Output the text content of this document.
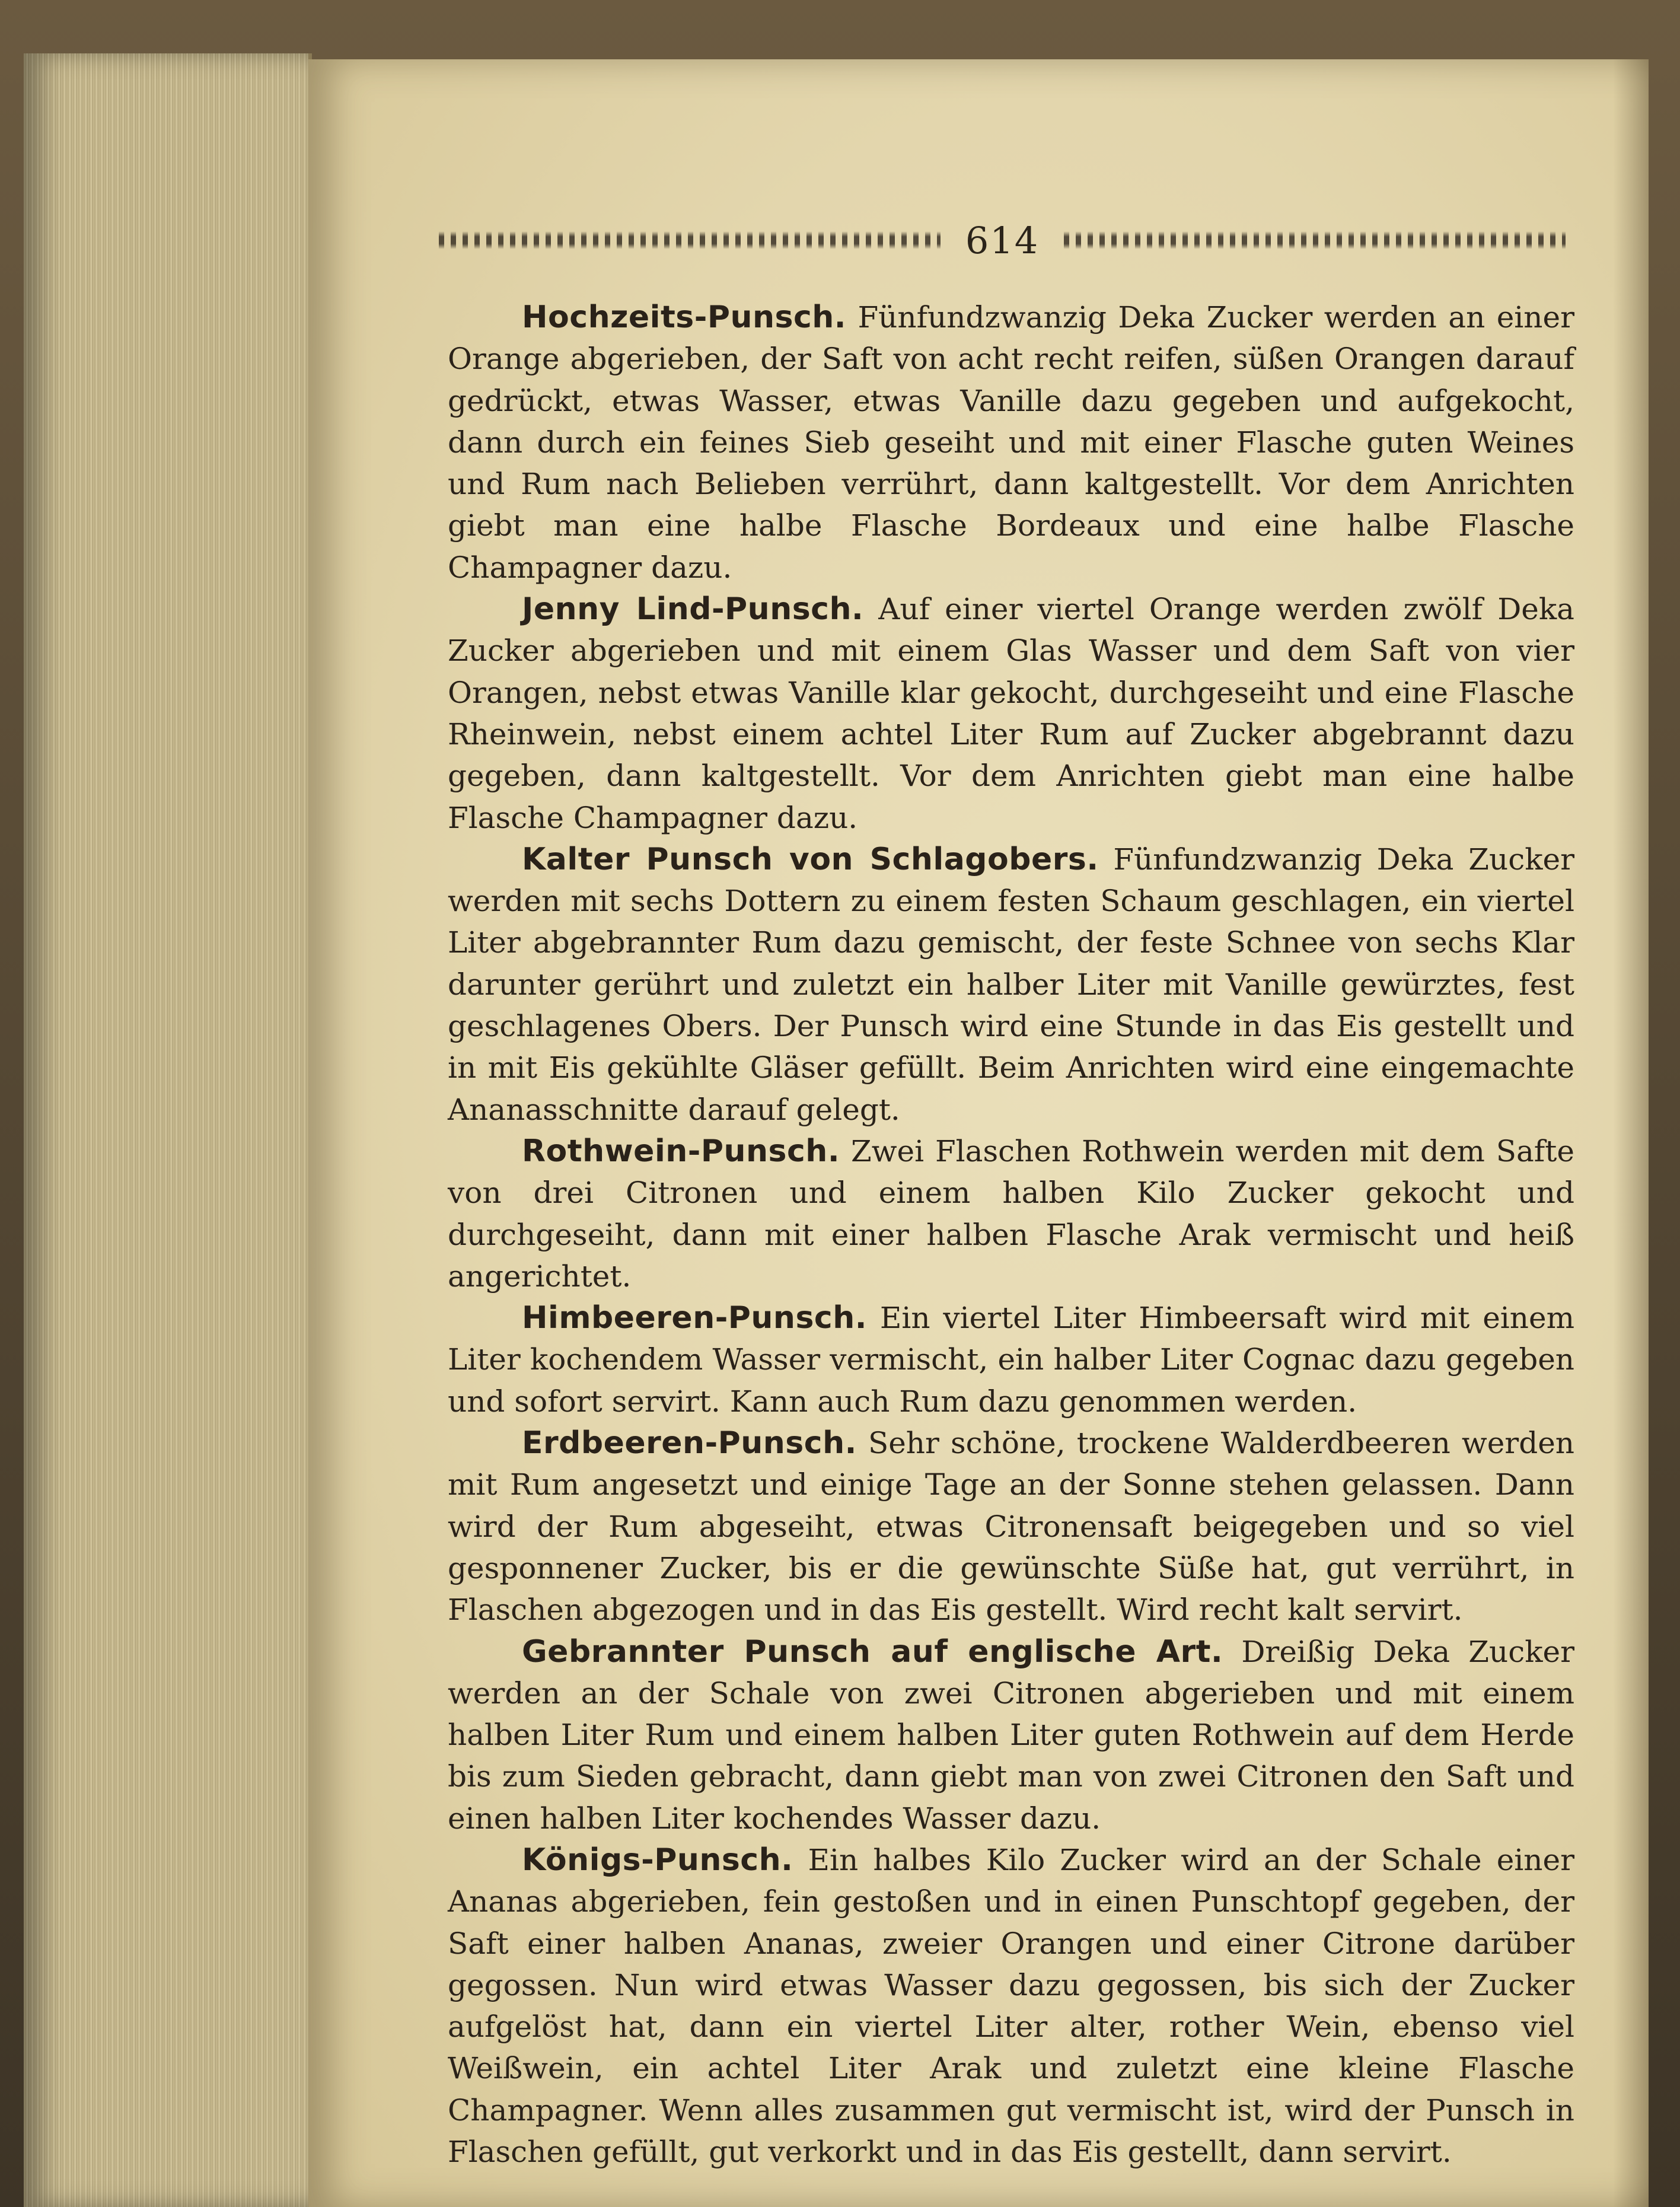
614

Hochzeits-Punsch. Fünfundzwanzig Deka Zucker werden an einer Orange abgerieben, der Saft von acht recht reifen, süßen Orangen darauf gedrückt, etwas Wasser, etwas Vanille dazu gegeben und aufgekocht, dann durch ein feines Sieb geseiht und mit einer Flasche guten Weines und Rum nach Belieben verrührt, dann kaltgestellt. Vor dem Anrichten giebt man eine halbe Flasche Bordeaux und eine halbe Flasche Champagner dazu.

Jenny Lind-Punsch. Auf einer viertel Orange werden zwölf Deka Zucker abgerieben und mit einem Glas Wasser und dem Saft von vier Orangen, nebst etwas Vanille klar gekocht, durchgeseiht und eine Flasche Rheinwein, nebst einem achtel Liter Rum auf Zucker abgebrannt dazu gegeben, dann kaltgestellt. Vor dem Anrichten giebt man eine halbe Flasche Champagner dazu.

Kalter Punsch von Schlagobers. Fünfundzwanzig Deka Zucker werden mit sechs Dottern zu einem festen Schaum geschlagen, ein viertel Liter abgebrannter Rum dazu gemischt, der feste Schnee von sechs Klar darunter gerührt und zuletzt ein halber Liter mit Vanille gewürztes, fest geschlagenes Obers. Der Punsch wird eine Stunde in das Eis gestellt und in mit Eis gekühlte Gläser gefüllt. Beim Anrichten wird eine eingemachte Ananasschnitte darauf gelegt.

Rothwein-Punsch. Zwei Flaschen Rothwein werden mit dem Safte von drei Citronen und einem halben Kilo Zucker gekocht und durchgeseiht, dann mit einer halben Flasche Arak vermischt und heiß angerichtet.

Himbeeren-Punsch. Ein viertel Liter Himbeersaft wird mit einem Liter kochendem Wasser vermischt, ein halber Liter Cognac dazu gegeben und sofort servirt. Kann auch Rum dazu genommen werden.

Erdbeeren-Punsch. Sehr schöne, trockene Walderdbeeren werden mit Rum angesetzt und einige Tage an der Sonne stehen gelassen. Dann wird der Rum abgeseiht, etwas Citronensaft beigegeben und so viel gesponnener Zucker, bis er die gewünschte Süße hat, gut verrührt, in Flaschen abgezogen und in das Eis gestellt. Wird recht kalt servirt.

Gebrannter Punsch auf englische Art. Dreißig Deka Zucker werden an der Schale von zwei Citronen abgerieben und mit einem halben Liter Rum und einem halben Liter guten Rothwein auf dem Herde bis zum Sieden gebracht, dann giebt man von zwei Citronen den Saft und einen halben Liter kochendes Wasser dazu.

Königs-Punsch. Ein halbes Kilo Zucker wird an der Schale einer Ananas abgerieben, fein gestoßen und in einen Punschtopf gegeben, der Saft einer halben Ananas, zweier Orangen und einer Citrone darüber gegossen. Nun wird etwas Wasser dazu gegossen, bis sich der Zucker aufgelöst hat, dann ein viertel Liter alter, rother Wein, ebenso viel Weißwein, ein achtel Liter Arak und zuletzt eine kleine Flasche Champagner. Wenn alles zusammen gut vermischt ist, wird der Punsch in Flaschen gefüllt, gut verkorkt und in das Eis gestellt, dann servirt.
